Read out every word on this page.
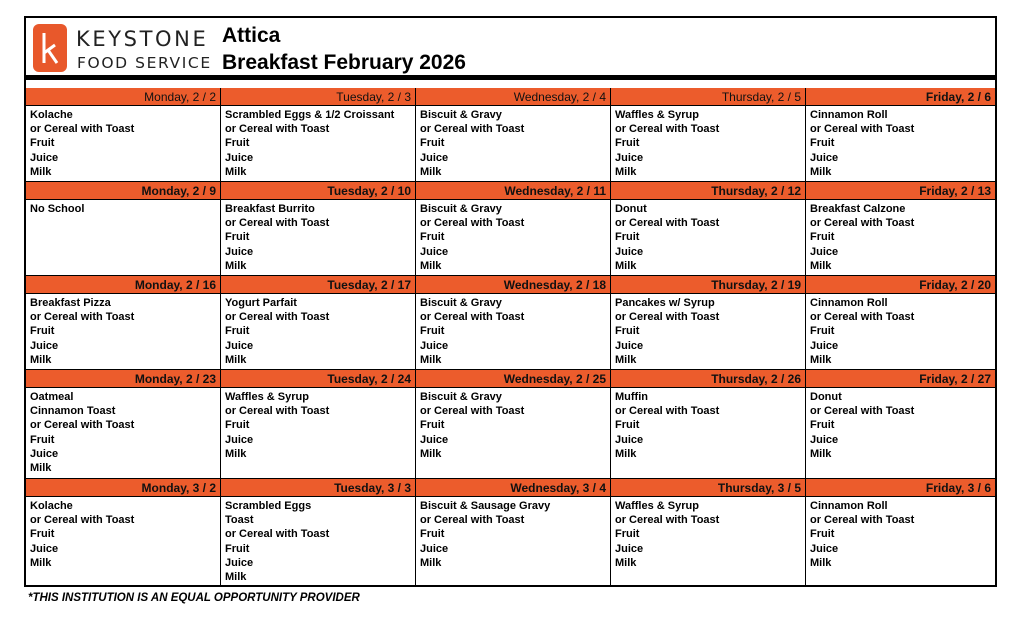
KEYSTONE
FOOD SERVICE
Attica
Breakfast February 2026
Monday, 2 / 2
Kolache
or Cereal with Toast
Fruit
Juice
Milk
Tuesday, 2 / 3
Scrambled Eggs & 1/2 Croissant
or Cereal with Toast
Fruit
Juice
Milk
Wednesday, 2 / 4
Biscuit & Gravy
or Cereal with Toast
Fruit
Juice
Milk
Thursday, 2 / 5
Waffles & Syrup
or Cereal with Toast
Fruit
Juice
Milk
Friday, 2 / 6
Cinnamon Roll
or Cereal with Toast
Fruit
Juice
Milk
Monday, 2 / 9
No School
Tuesday, 2 / 10
Breakfast Burrito
or Cereal with Toast
Fruit
Juice
Milk
Wednesday, 2 / 11
Biscuit & Gravy
or Cereal with Toast
Fruit
Juice
Milk
Thursday, 2 / 12
Donut
or Cereal with Toast
Fruit
Juice
Milk
Friday, 2 / 13
Breakfast Calzone
or Cereal with Toast
Fruit
Juice
Milk
Monday, 2 / 16
Breakfast Pizza
or Cereal with Toast
Fruit
Juice
Milk
Tuesday, 2 / 17
Yogurt Parfait
or Cereal with Toast
Fruit
Juice
Milk
Wednesday, 2 / 18
Biscuit & Gravy
or Cereal with Toast
Fruit
Juice
Milk
Thursday, 2 / 19
Pancakes w/ Syrup
or Cereal with Toast
Fruit
Juice
Milk
Friday, 2 / 20
Cinnamon Roll
or Cereal with Toast
Fruit
Juice
Milk
Monday, 2 / 23
Oatmeal
Cinnamon Toast
or Cereal with Toast
Fruit
Juice
Milk
Tuesday, 2 / 24
Waffles & Syrup
or Cereal with Toast
Fruit
Juice
Milk
Wednesday, 2 / 25
Biscuit & Gravy
or Cereal with Toast
Fruit
Juice
Milk
Thursday, 2 / 26
Muffin
or Cereal with Toast
Fruit
Juice
Milk
Friday, 2 / 27
Donut
or Cereal with Toast
Fruit
Juice
Milk
Monday, 3 / 2
Kolache
or Cereal with Toast
Fruit
Juice
Milk
Tuesday, 3 / 3
Scrambled Eggs
Toast
or Cereal with Toast
Fruit
Juice
Milk
Wednesday, 3 / 4
Biscuit & Sausage Gravy
or Cereal with Toast
Fruit
Juice
Milk
Thursday, 3 / 5
Waffles & Syrup
or Cereal with Toast
Fruit
Juice
Milk
Friday, 3 / 6
Cinnamon Roll
or Cereal with Toast
Fruit
Juice
Milk
*THIS INSTITUTION IS AN EQUAL OPPORTUNITY PROVIDER
